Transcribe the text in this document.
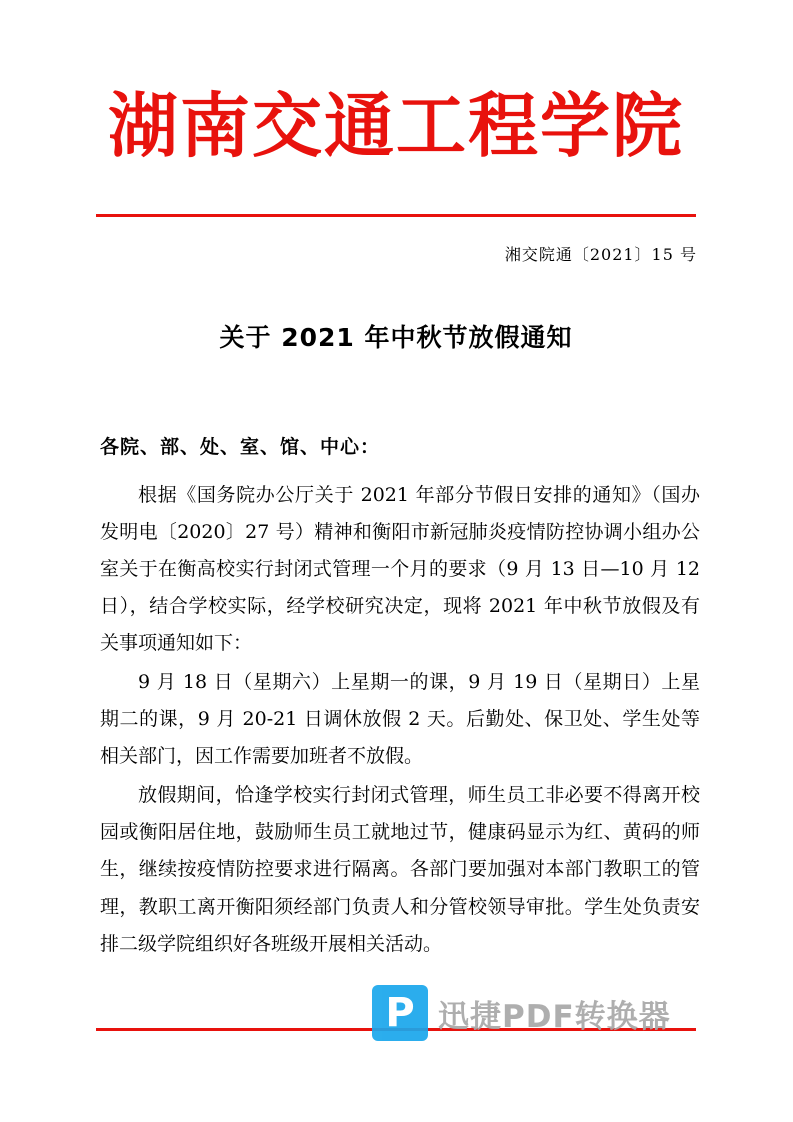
湖南交通工程学院
湘交院通〔2021〕15 号
关于 2021 年中秋节放假通知
各院、部、处、室、馆、中心：

根据《国务院办公厅关于 2021 年部分节假日安排的通知》（国办发明电〔2020〕27 号）精神和衡阳市新冠肺炎疫情防控协调小组办公室关于在衡高校实行封闭式管理一个月的要求（9 月 13 日—10 月 12 日），结合学校实际，经学校研究决定，现将 2021 年中秋节放假及有关事项通知如下：

9 月 18 日（星期六）上星期一的课，9 月 19 日（星期日）上星期二的课，9 月 20-21 日调休放假 2 天。后勤处、保卫处、学生处等相关部门，因工作需要加班者不放假。

放假期间，恰逢学校实行封闭式管理，师生员工非必要不得离开校园或衡阳居住地，鼓励师生员工就地过节，健康码显示为红、黄码的师生，继续按疫情防控要求进行隔离。各部门要加强对本部门教职工的管理，教职工离开衡阳须经部门负责人和分管校领导审批。学生处负责安排二级学院组织好各班级开展相关活动。

P 迅捷PDF转换器
